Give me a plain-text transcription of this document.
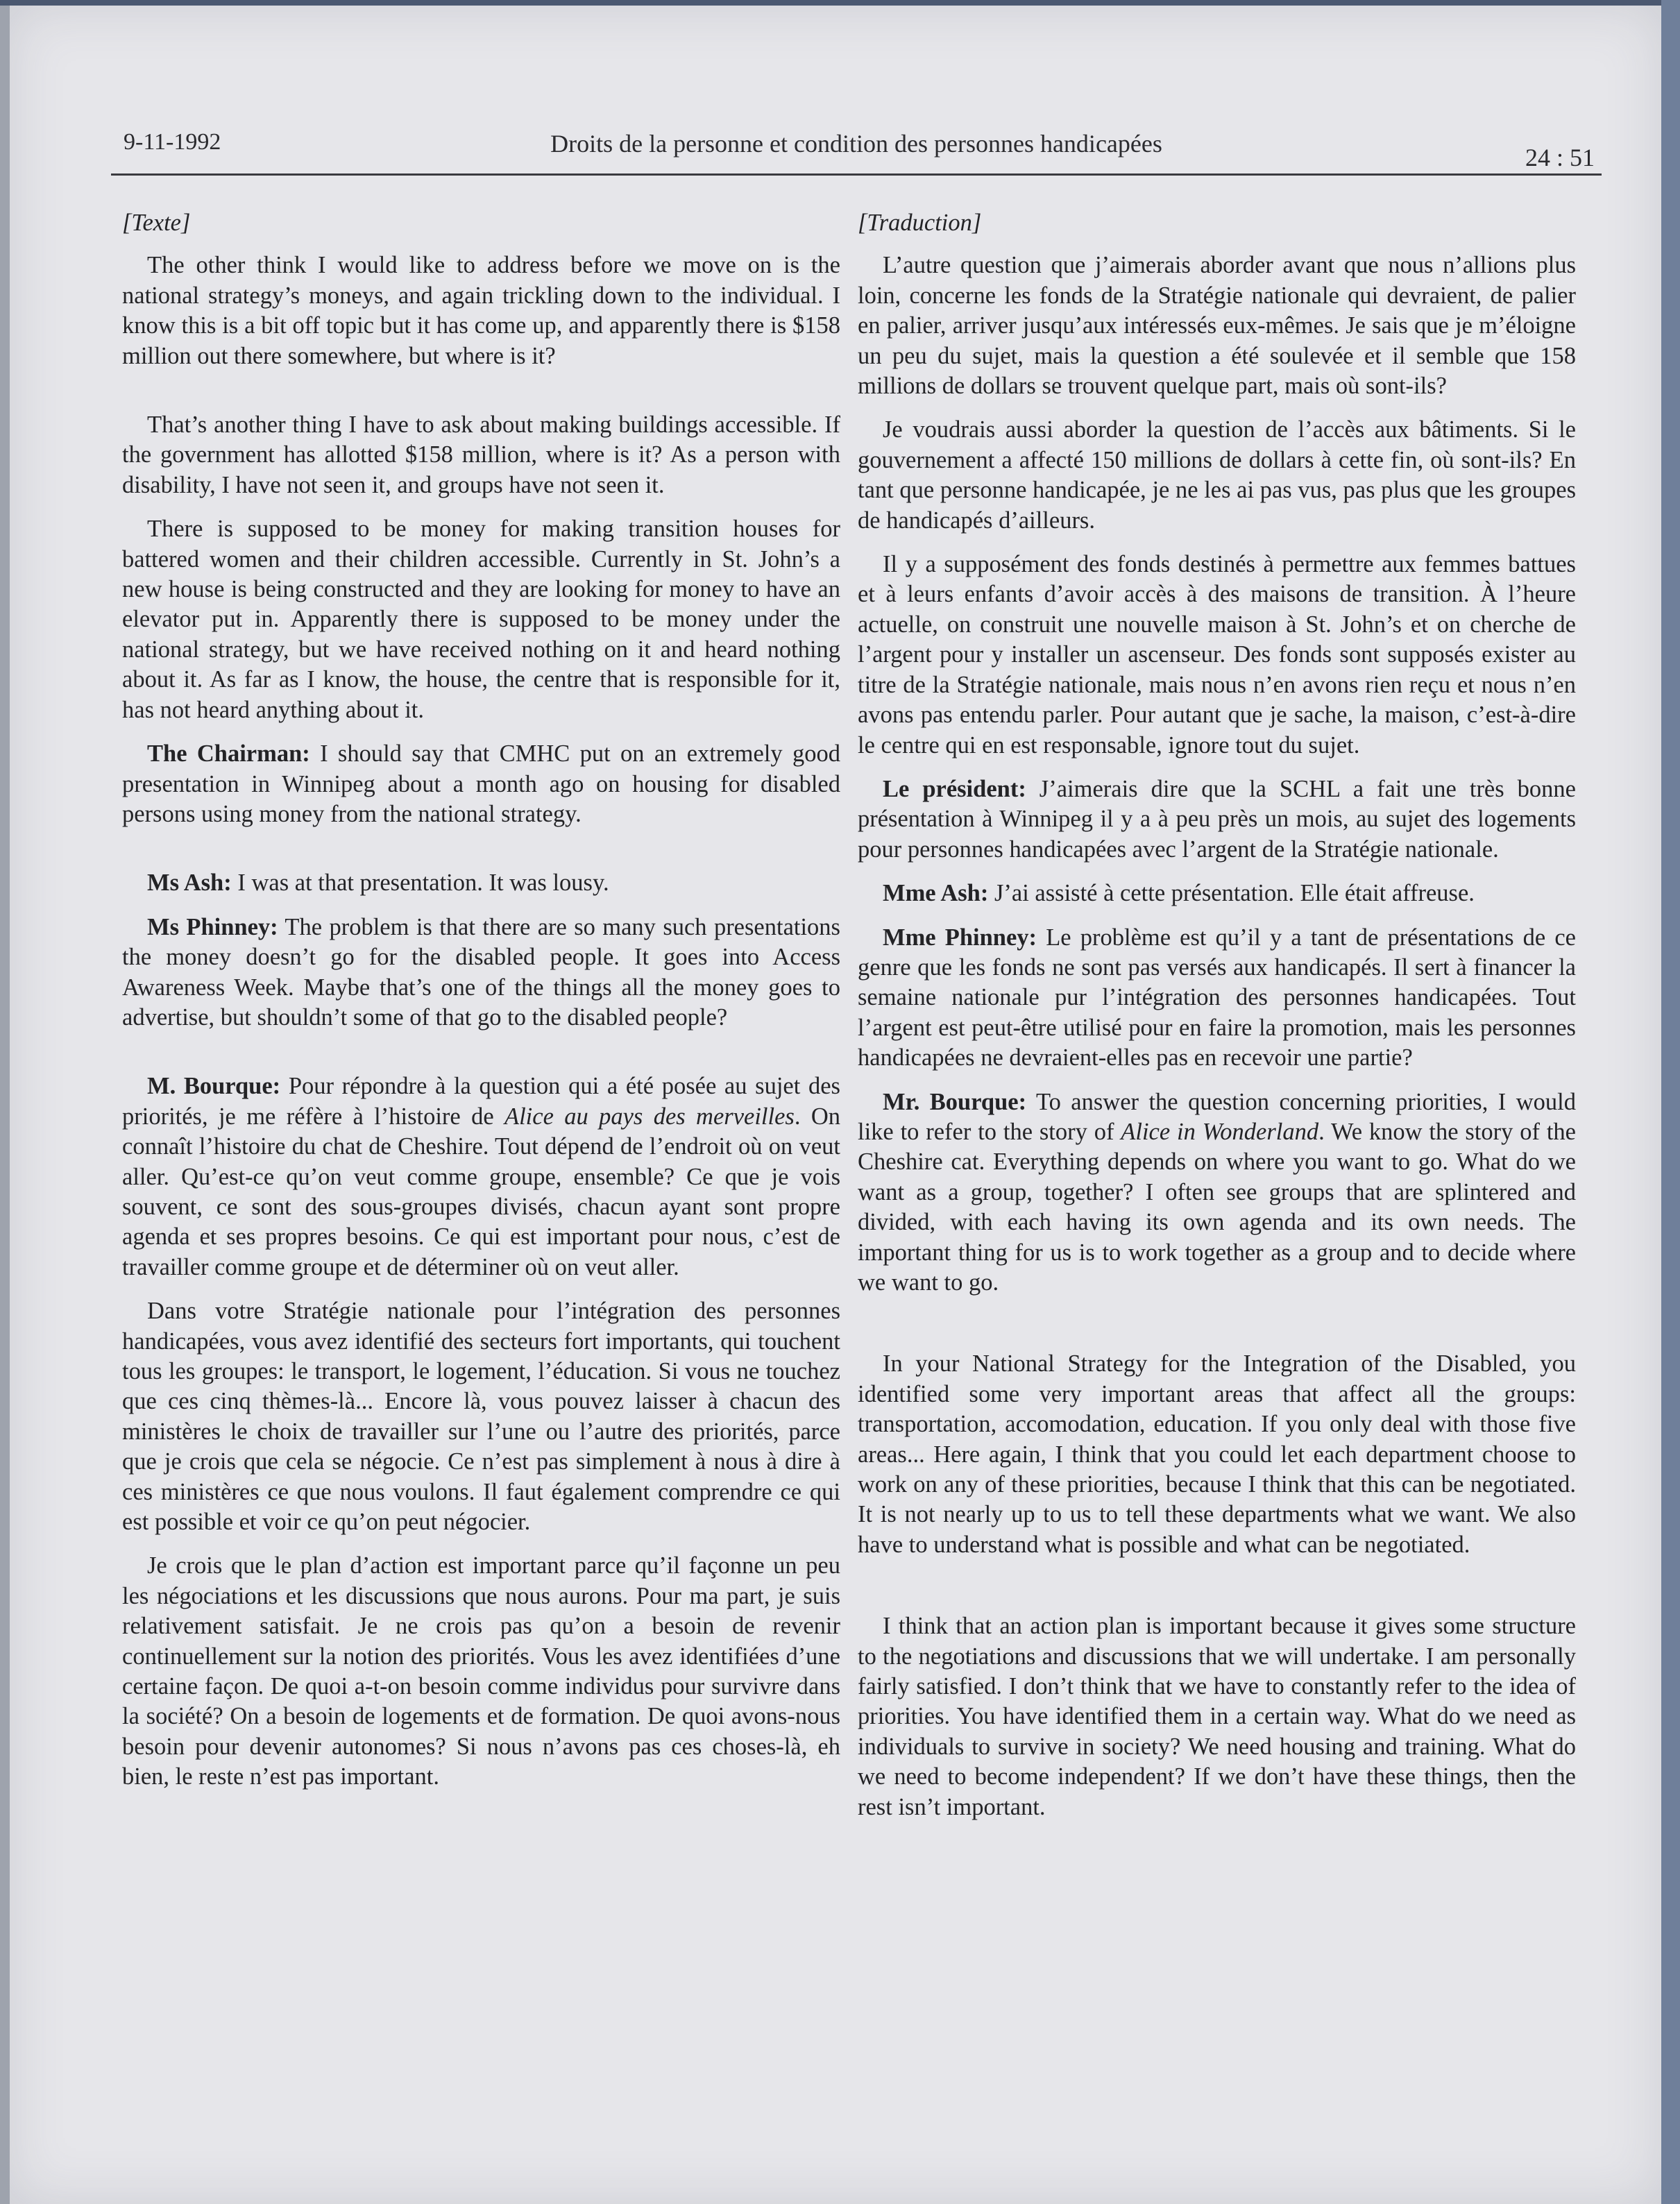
9-11-1992	Droits de la personne et condition des personnes handicapées	24 : 51
[Texte]

The other think I would like to address before we move on is the national strategy’s moneys, and again trickling down to the individual. I know this is a bit off topic but it has come up, and apparently there is $158 million out there somewhere, but where is it?

That’s another thing I have to ask about making buildings accessible. If the government has allotted $158 million, where is it? As a person with disability, I have not seen it, and groups have not seen it.

There is supposed to be money for making transition houses for battered women and their children accessible. Currently in St. John’s a new house is being constructed and they are looking for money to have an elevator put in. Apparently there is supposed to be money under the national strategy, but we have received nothing on it and heard nothing about it. As far as I know, the house, the centre that is responsible for it, has not heard anything about it.

The Chairman: I should say that CMHC put on an extremely good presentation in Winnipeg about a month ago on housing for disabled persons using money from the national strategy.

Ms Ash: I was at that presentation. It was lousy.

Ms Phinney: The problem is that there are so many such presentations the money doesn’t go for the disabled people. It goes into Access Awareness Week. Maybe that’s one of the things all the money goes to advertise, but shouldn’t some of that go to the disabled people?

M. Bourque: Pour répondre à la question qui a été posée au sujet des priorités, je me réfère à l’histoire de Alice au pays des merveilles. On connaît l’histoire du chat de Cheshire. Tout dépend de l’endroit où on veut aller. Qu’est-ce qu’on veut comme groupe, ensemble? Ce que je vois souvent, ce sont des sous-groupes divisés, chacun ayant sont propre agenda et ses propres besoins. Ce qui est important pour nous, c’est de travailler comme groupe et de déterminer où on veut aller.

Dans votre Stratégie nationale pour l’intégration des personnes handicapées, vous avez identifié des secteurs fort importants, qui touchent tous les groupes: le transport, le logement, l’éducation. Si vous ne touchez que ces cinq thèmes-là... Encore là, vous pouvez laisser à chacun des ministères le choix de travailler sur l’une ou l’autre des priorités, parce que je crois que cela se négocie. Ce n’est pas simplement à nous à dire à ces ministères ce que nous voulons. Il faut également comprendre ce qui est possible et voir ce qu’on peut négocier.

Je crois que le plan d’action est important parce qu’il façonne un peu les négociations et les discussions que nous aurons. Pour ma part, je suis relativement satisfait. Je ne crois pas qu’on a besoin de revenir continuellement sur la notion des priorités. Vous les avez identifiées d’une certaine façon. De quoi a-t-on besoin comme individus pour survivre dans la société? On a besoin de logements et de formation. De quoi avons-nous besoin pour devenir autonomes? Si nous n’avons pas ces choses-là, eh bien, le reste n’est pas important.

[Traduction]

L’autre question que j’aimerais aborder avant que nous n’allions plus loin, concerne les fonds de la Stratégie nationale qui devraient, de palier en palier, arriver jusqu’aux intéressés eux-mêmes. Je sais que je m’éloigne un peu du sujet, mais la question a été soulevée et il semble que 158 millions de dollars se trouvent quelque part, mais où sont-ils?

Je voudrais aussi aborder la question de l’accès aux bâtiments. Si le gouvernement a affecté 150 millions de dollars à cette fin, où sont-ils? En tant que personne handicapée, je ne les ai pas vus, pas plus que les groupes de handicapés d’ailleurs.

Il y a supposément des fonds destinés à permettre aux femmes battues et à leurs enfants d’avoir accès à des maisons de transition. À l’heure actuelle, on construit une nouvelle maison à St. John’s et on cherche de l’argent pour y installer un ascenseur. Des fonds sont supposés exister au titre de la Stratégie nationale, mais nous n’en avons rien reçu et nous n’en avons pas entendu parler. Pour autant que je sache, la maison, c’est-à-dire le centre qui en est responsable, ignore tout du sujet.

Le président: J’aimerais dire que la SCHL a fait une très bonne présentation à Winnipeg il y a à peu près un mois, au sujet des logements pour personnes handicapées avec l’argent de la Stratégie nationale.

Mme Ash: J’ai assisté à cette présentation. Elle était affreuse.

Mme Phinney: Le problème est qu’il y a tant de présentations de ce genre que les fonds ne sont pas versés aux handicapés. Il sert à financer la semaine nationale pur l’intégration des personnes handicapées. Tout l’argent est peut-être utilisé pour en faire la promotion, mais les personnes handicapées ne devraient-elles pas en recevoir une partie?

Mr. Bourque: To answer the question concerning priorities, I would like to refer to the story of Alice in Wonderland. We know the story of the Cheshire cat. Everything depends on where you want to go. What do we want as a group, together? I often see groups that are splintered and divided, with each having its own agenda and its own needs. The important thing for us is to work together as a group and to decide where we want to go.

In your National Strategy for the Integration of the Disabled, you identified some very important areas that affect all the groups: transportation, accomodation, education. If you only deal with those five areas... Here again, I think that you could let each department choose to work on any of these priorities, because I think that this can be negotiated. It is not nearly up to us to tell these departments what we want. We also have to understand what is possible and what can be negotiated.

I think that an action plan is important because it gives some structure to the negotiations and discussions that we will undertake. I am personally fairly satisfied. I don’t think that we have to constantly refer to the idea of priorities. You have identified them in a certain way. What do we need as individuals to survive in society? We need housing and training. What do we need to become independent? If we don’t have these things, then the rest isn’t important.
